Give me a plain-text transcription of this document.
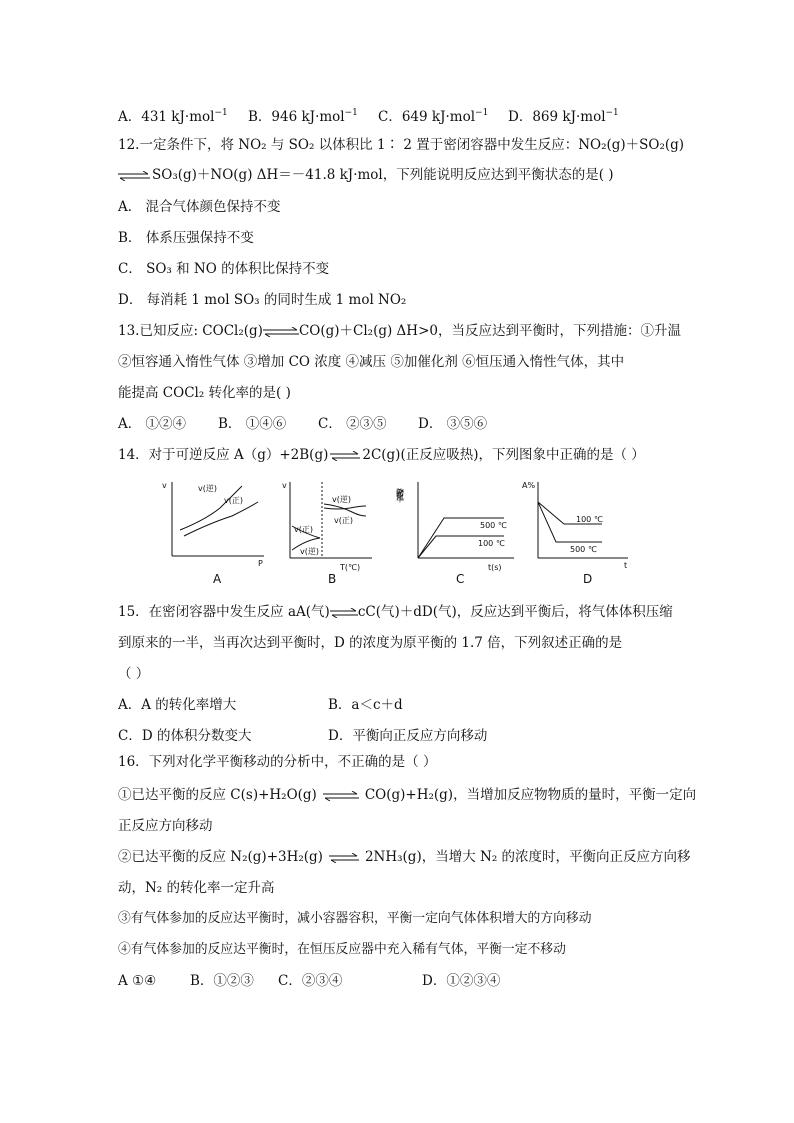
A．431 kJ·mol$^{-1}$ B．946 kJ·mol$^{-1}$ C．649 kJ·mol$^{-1}$ D．869 kJ·mol$^{-1}$
12.一定条件下，将 NO₂ 与 SO₂ 以体积比 1∶ 2 置于密闭容器中发生反应：NO₂(g)＋SO₂(g)
⇌ SO₃(g)＋NO(g) ΔH＝－41.8 kJ·mol，下列能说明反应达到平衡状态的是( )
A． 混合气体颜色保持不变
B． 体系压强保持不变
C． SO₃ 和 NO 的体积比保持不变
D． 每消耗 1 mol SO₃ 的同时生成 1 mol NO₂
13.已知反应: COCl₂(g)⇌CO(g)＋Cl₂(g) ΔH>0，当反应达到平衡时，下列措施：①升温
②恒容通入惰性气体 ③增加 CO 浓度 ④减压 ⑤加催化剂 ⑥恒压通入惰性气体，其中
能提高 COCl₂ 转化率的是( )
A． ①②④ B． ①④⑥ C． ②③⑤ D． ③⑤⑥
14．对于可逆反应 A（g）+2B(g) ⇌ 2C(g)(正反应吸热)，下列图象中正确的是（ ）
v
P
v(逆)
v(正)
A
v
T(℃)
v(正)
v(逆)
v(逆)
v(正)
B
A的转化率
t(s)
500 ℃
100 ℃
C
A%
t
100 ℃
500 ℃
D
15．在密闭容器中发生反应 aA(气)⇌cC(气)＋dD(气)，反应达到平衡后，将气体体积压缩
到原来的一半，当再次达到平衡时，D 的浓度为原平衡的 1.7 倍，下列叙述正确的是
（ ）
A．A 的转化率增大	B．a＜c＋d
C．D 的体积分数变大	D．平衡向正反应方向移动
16．下列对化学平衡移动的分析中，不正确的是（ ）
①已达平衡的反应 C(s)+H₂O(g) ⇌ CO(g)+H₂(g)，当增加反应物物质的量时，平衡一定向
正反应方向移动
②已达平衡的反应 N₂(g)+3H₂(g) ⇌ 2NH₃(g)，当增大 N₂ 的浓度时，平衡向正反应方向移
动，N₂ 的转化率一定升高
③有气体参加的反应达平衡时，减小容器容积，平衡一定向气体体积增大的方向移动
④有气体参加的反应达平衡时，在恒压反应器中充入稀有气体，平衡一定不移动
A ①④	B．①②③ C．②③④	D．①②③④
